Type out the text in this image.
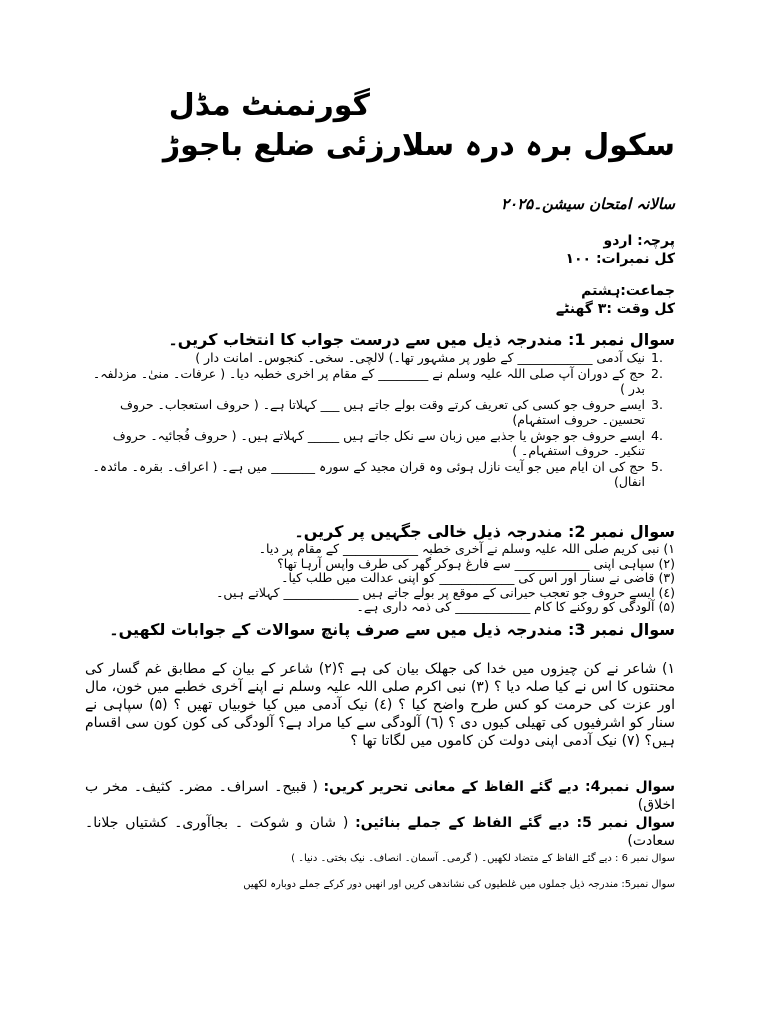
گورنمنٹ مڈل
سکول برہ درہ سلارزئی ضلع باجوڑ
سالانہ امتحان سیشن۔۲۰۲۵
پرچہ: اردو
کل نمبرات: ۱۰۰
جماعت:ہشتم
کل وقت :۳ گھنٹے
سوال نمبر 1: مندرجہ ذیل میں سے درست جواب کا انتخاب کریں۔
1.
نیک آدمی ____________ کے طور پر مشہور تھا۔) لالچی۔ سخی۔ کنجوس۔ امانت دار )
2.
حج کے دوران آپ صلی اللہ علیہ وسلم نے ________ کے مقام پر اخری خطبہ دیا۔ ( عرفات۔ منیٰ۔ مزدلفہ۔ بدر )
3.
ایسے حروف جو کسی کی تعریف کرتے وقت بولے جاتے ہیں ___ کہلاتا ہے۔ ( حروف استعجاب۔ حروف تحسین۔ حروف استفہام)
4.
ایسے حروف جو جوش یا جذبے میں زبان سے نکل جاتے ہیں _____ کہلاتے ہیں۔ ( حروف فُجائیہ۔ حروف تنکیر۔ حروف استفہام۔ )
5.
حج کی ان ایام میں جو آیت نازل ہوئی وہ قران مجید کے سورہ _______ میں ہے۔ ( اعراف۔ بقرہ۔ مائدہ۔ انفال)
سوال نمبر 2: مندرجہ ذیل خالی جگہیں پر کریں۔
۱) نبی کریم صلی اللہ علیہ وسلم نے آخری خطبہ ____________ کے مقام پر دیا۔
(۲) سپاہی اپنی ____________ سے فارغ ہوکر گھر کی طرف واپس آرہا تھا؟
(۳) قاضی نے سنار اور اس کی ____________ کو اپنی عدالت میں طلب کیا۔
(٤) ایسے حروف جو تعجب حیرانی کے موقع پر بولے جاتے ہیں ____________ کہلاتے ہیں۔
(۵) آلودگی کو روکنے کا کام ____________ کی ذمہ داری ہے۔
سوال نمبر 3: مندرجہ ذیل میں سے صرف پانچ سوالات کے جوابات لکھیں۔
۱) شاعر نے کن چیزوں میں خدا کی جھلک بیان کی ہے ؟(۲) شاعر کے بیان کے مطابق غم گسار کی محنتوں کا اس نے کیا صلہ دیا ؟ (۳) نبی اکرم صلی اللہ علیہ وسلم نے اپنے آخری خطبے میں خون، مال اور عزت کی حرمت کو کس طرح واضح کیا ؟ (٤) نیک آدمی میں کیا خوبیاں تھیں ؟ (۵) سپاہی نے سنار کو اشرفیوں کی تھیلی کیوں دی ؟ (٦) آلودگی سے کیا مراد ہے؟ آلودگی کی کون کون سی اقسام ہیں؟ (۷) نیک آدمی اپنی دولت کن کاموں میں لگاتا تھا ؟
سوال نمبر4: دیے گئے الفاظ کے معانی تحریر کریں: ( قبیح۔ اسراف۔ مضر۔ کثیف۔ مخر ب اخلاق)
سوال نمبر 5: دیے گئے الفاظ کے جملے بنائیں: ( شان و شوکت ۔ بجاآوری۔ کشتیاں جلانا۔ سعادت)
سوال نمبر 6 : دیے گئے الفاظ کے متضاد لکھیں۔ ( گرمی۔ آسمان۔ انصاف۔ نیک بختی۔ دنیا۔ )
سوال نمبر5: مندرجہ ذیل جملوں میں غلطیوں کی نشاندھی کریں اور انھیں دور کرکے جملے دوبارہ لکھیں
